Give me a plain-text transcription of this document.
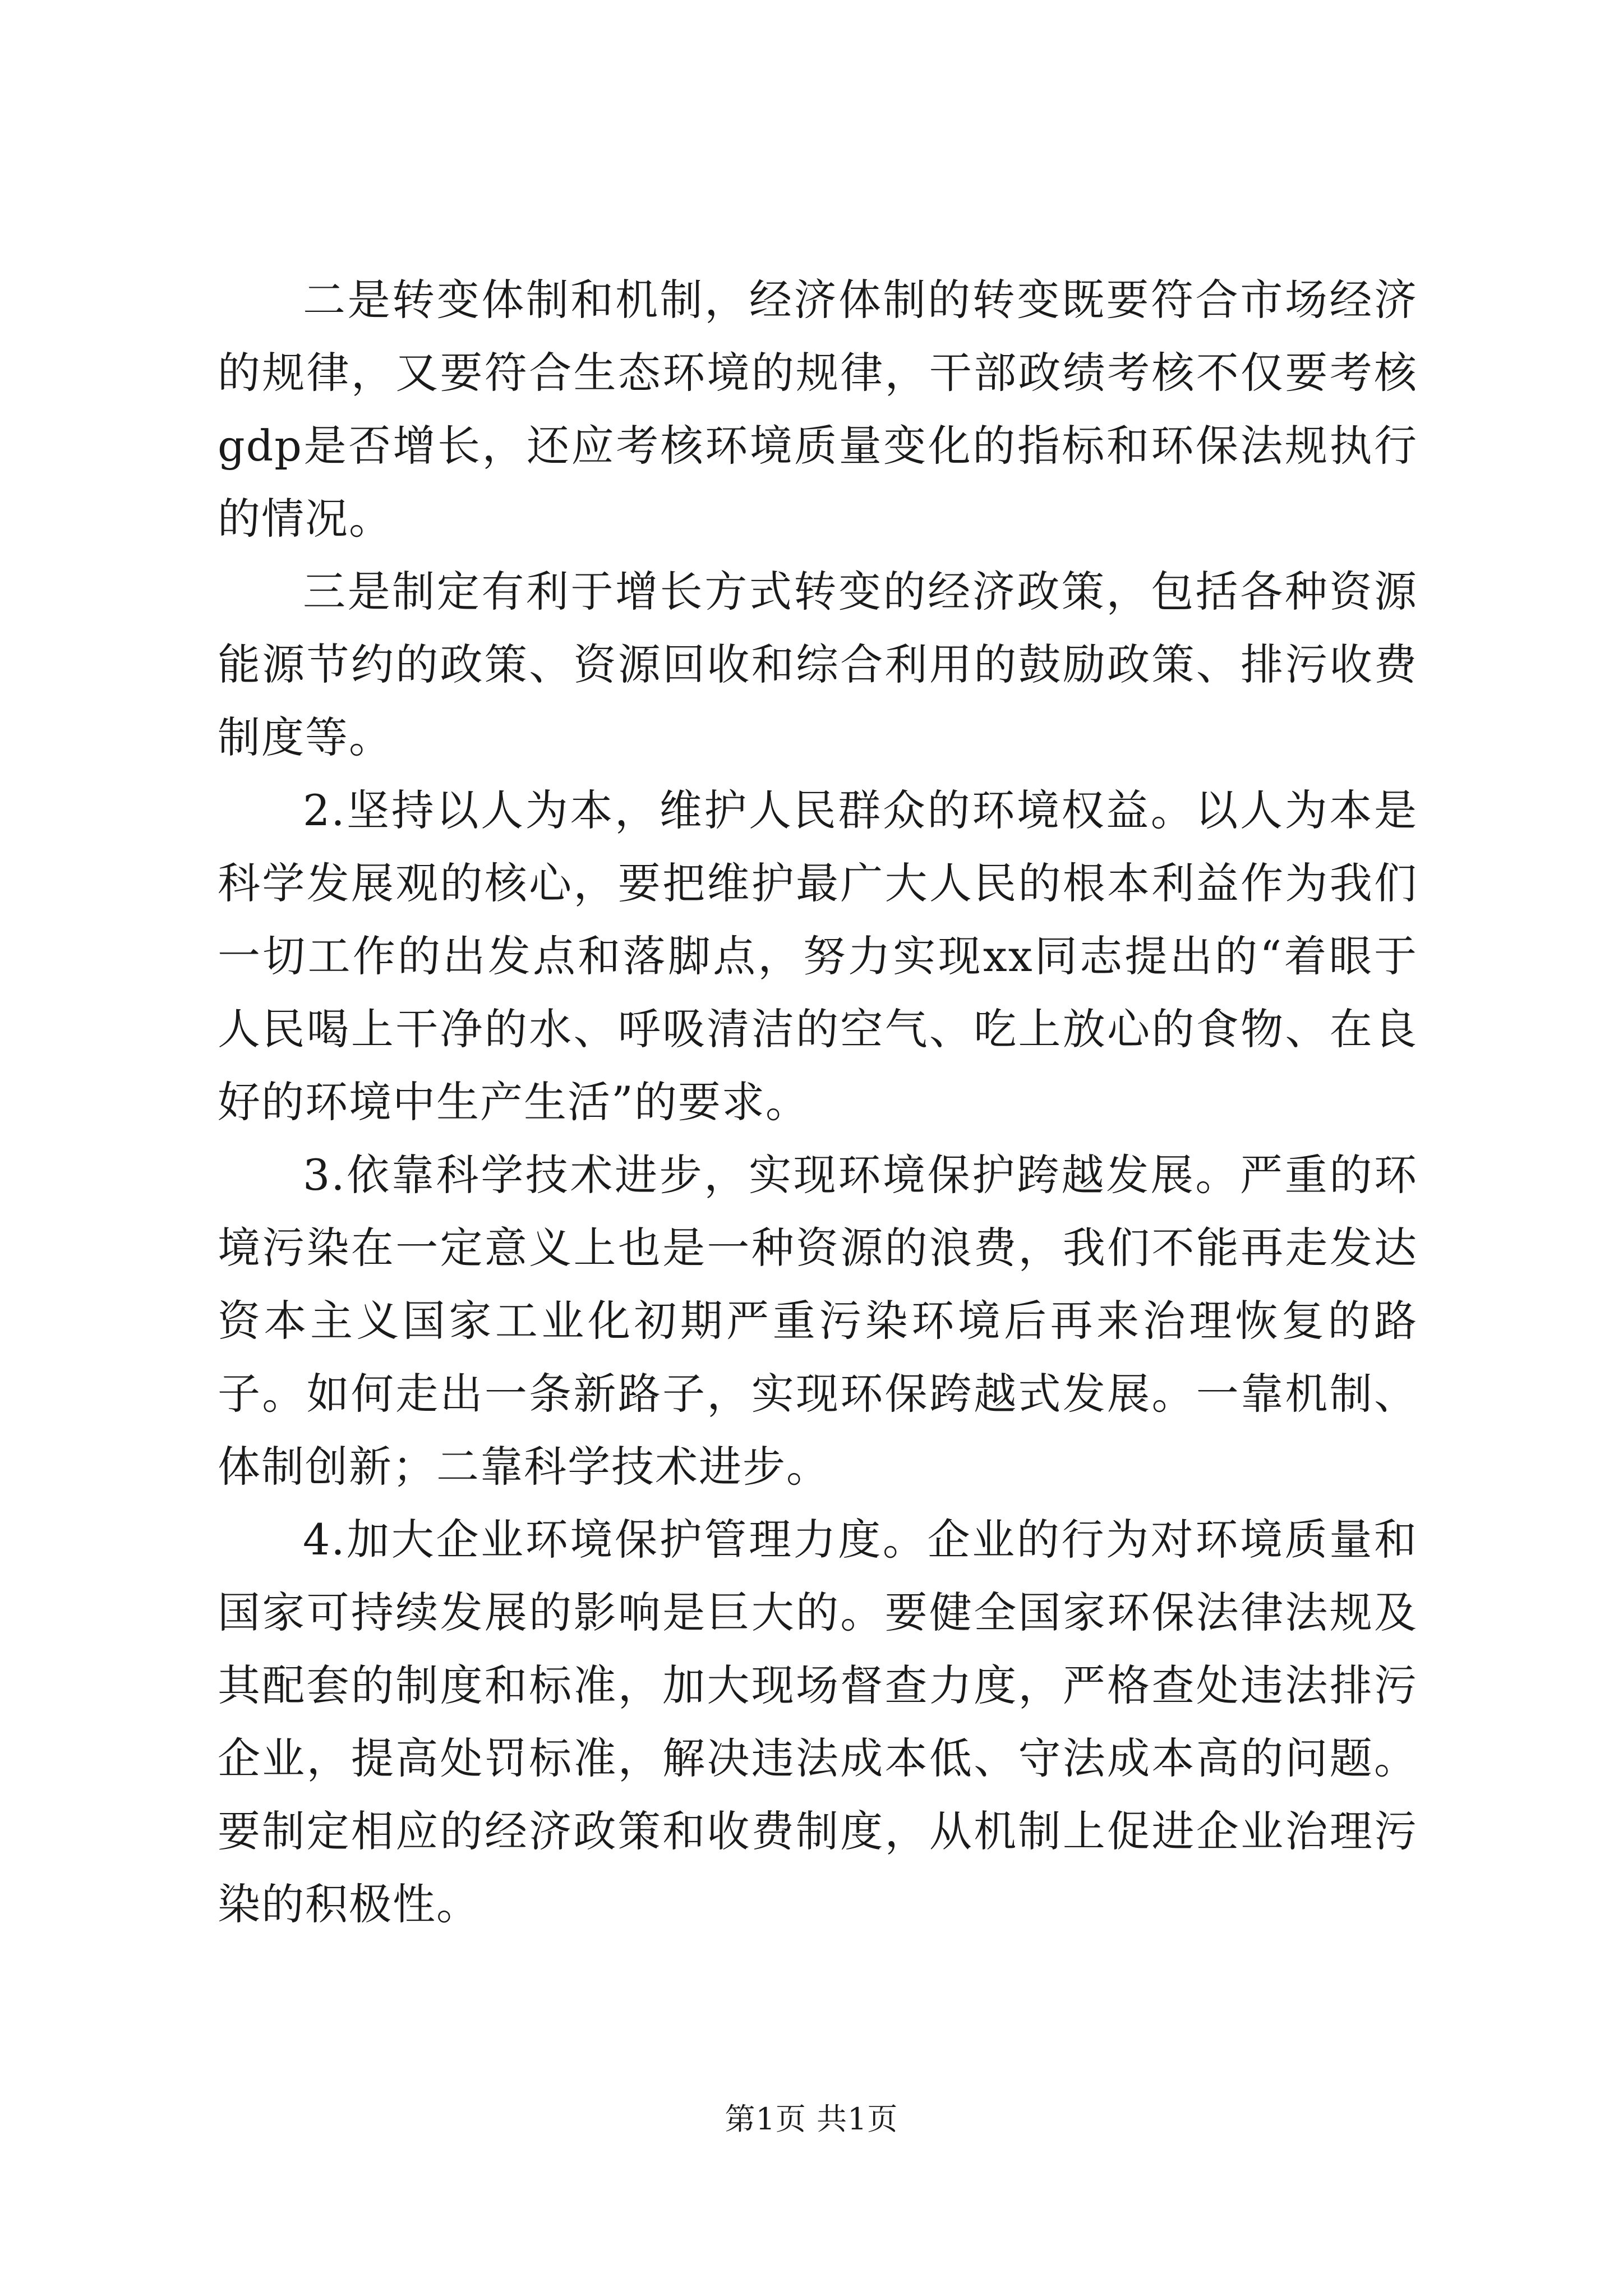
二是转变体制和机制，经济体制的转变既要符合市场经济的规律，又要符合生态环境的规律，干部政绩考核不仅要考核gdp是否增长，还应考核环境质量变化的指标和环保法规执行的情况。

三是制定有利于增长方式转变的经济政策，包括各种资源能源节约的政策、资源回收和综合利用的鼓励政策、排污收费制度等。

2.坚持以人为本，维护人民群众的环境权益。以人为本是科学发展观的核心，要把维护最广大人民的根本利益作为我们一切工作的出发点和落脚点，努力实现xx同志提出的“着眼于人民喝上干净的水、呼吸清洁的空气、吃上放心的食物、在良好的环境中生产生活”的要求。

3.依靠科学技术进步，实现环境保护跨越发展。严重的环境污染在一定意义上也是一种资源的浪费，我们不能再走发达资本主义国家工业化初期严重污染环境后再来治理恢复的路子。如何走出一条新路子，实现环保跨越式发展。一靠机制、体制创新；二靠科学技术进步。

4.加大企业环境保护管理力度。企业的行为对环境质量和国家可持续发展的影响是巨大的。要健全国家环保法律法规及其配套的制度和标准，加大现场督查力度，严格查处违法排污企业，提高处罚标准，解决违法成本低、守法成本高的问题。要制定相应的经济政策和收费制度，从机制上促进企业治理污染的积极性。

第1页 共1页
